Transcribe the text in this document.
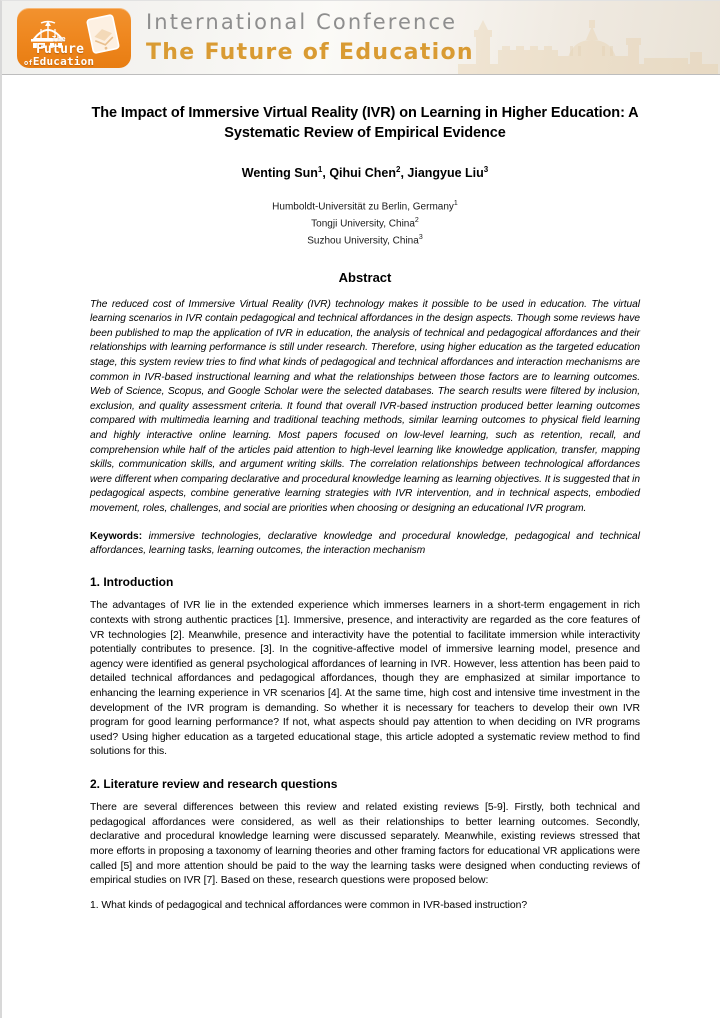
The
Future
ofEducation
International Conference
The Future of Education
The Impact of Immersive Virtual Reality (IVR) on Learning in Higher Education: A Systematic Review of Empirical Evidence
Wenting Sun$^1$, Qihui Chen$^2$, Jiangyue Liu$^3$
Humboldt-Universität zu Berlin, Germany$^1$
Tongji University, China$^2$
Suzhou University, China$^3$
Abstract

The reduced cost of Immersive Virtual Reality (IVR) technology makes it possible to be used in education. The virtual learning scenarios in IVR contain pedagogical and technical affordances in the design aspects. Though some reviews have been published to map the application of IVR in education, the analysis of technical and pedagogical affordances and their relationships with learning performance is still under research. Therefore, using higher education as the targeted education stage, this system review tries to find what kinds of pedagogical and technical affordances and interaction mechanisms are common in IVR-based instructional learning and what the relationships between those factors are to learning outcomes. Web of Science, Scopus, and Google Scholar were the selected databases. The search results were filtered by inclusion, exclusion, and quality assessment criteria. It found that overall IVR-based instruction produced better learning outcomes compared with multimedia learning and traditional teaching methods, similar learning outcomes to physical field learning and highly interactive online learning. Most papers focused on low-level learning, such as retention, recall, and comprehension while half of the articles paid attention to high-level learning like knowledge application, transfer, mapping skills, communication skills, and argument writing skills. The correlation relationships between technological affordances were different when comparing declarative and procedural knowledge learning as learning objectives. It is suggested that in pedagogical aspects, combine generative learning strategies with IVR intervention, and in technical aspects, embodied movement, roles, challenges, and social are priorities when choosing or designing an educational IVR program.

Keywords: immersive technologies, declarative knowledge and procedural knowledge, pedagogical and technical affordances, learning tasks, learning outcomes, the interaction mechanism

1. Introduction

The advantages of IVR lie in the extended experience which immerses learners in a short-term engagement in rich contexts with strong authentic practices [1]. Immersive, presence, and interactivity are regarded as the core features of VR technologies [2]. Meanwhile, presence and interactivity have the potential to facilitate immersion while interactivity potentially contributes to presence. [3]. In the cognitive-affective model of immersive learning model, presence and agency were identified as general psychological affordances of learning in IVR. However, less attention has been paid to detailed technical affordances and pedagogical affordances, though they are emphasized at similar importance to enhancing the learning experience in VR scenarios [4]. At the same time, high cost and intensive time investment in the development of the IVR program is demanding. So whether it is necessary for teachers to develop their own IVR program for good learning performance? If not, what aspects should pay attention to when deciding on IVR programs used? Using higher education as a targeted educational stage, this article adopted a systematic review method to find solutions for this.

2. Literature review and research questions

There are several differences between this review and related existing reviews [5-9]. Firstly, both technical and pedagogical affordances were considered, as well as their relationships to better learning outcomes. Secondly, declarative and procedural knowledge learning were discussed separately. Meanwhile, existing reviews stressed that more efforts in proposing a taxonomy of learning theories and other framing factors for educational VR applications were called [5] and more attention should be paid to the way the learning tasks were designed when conducting reviews of empirical studies on IVR [7]. Based on these, research questions were proposed below:

1. What kinds of pedagogical and technical affordances were common in IVR-based instruction?
